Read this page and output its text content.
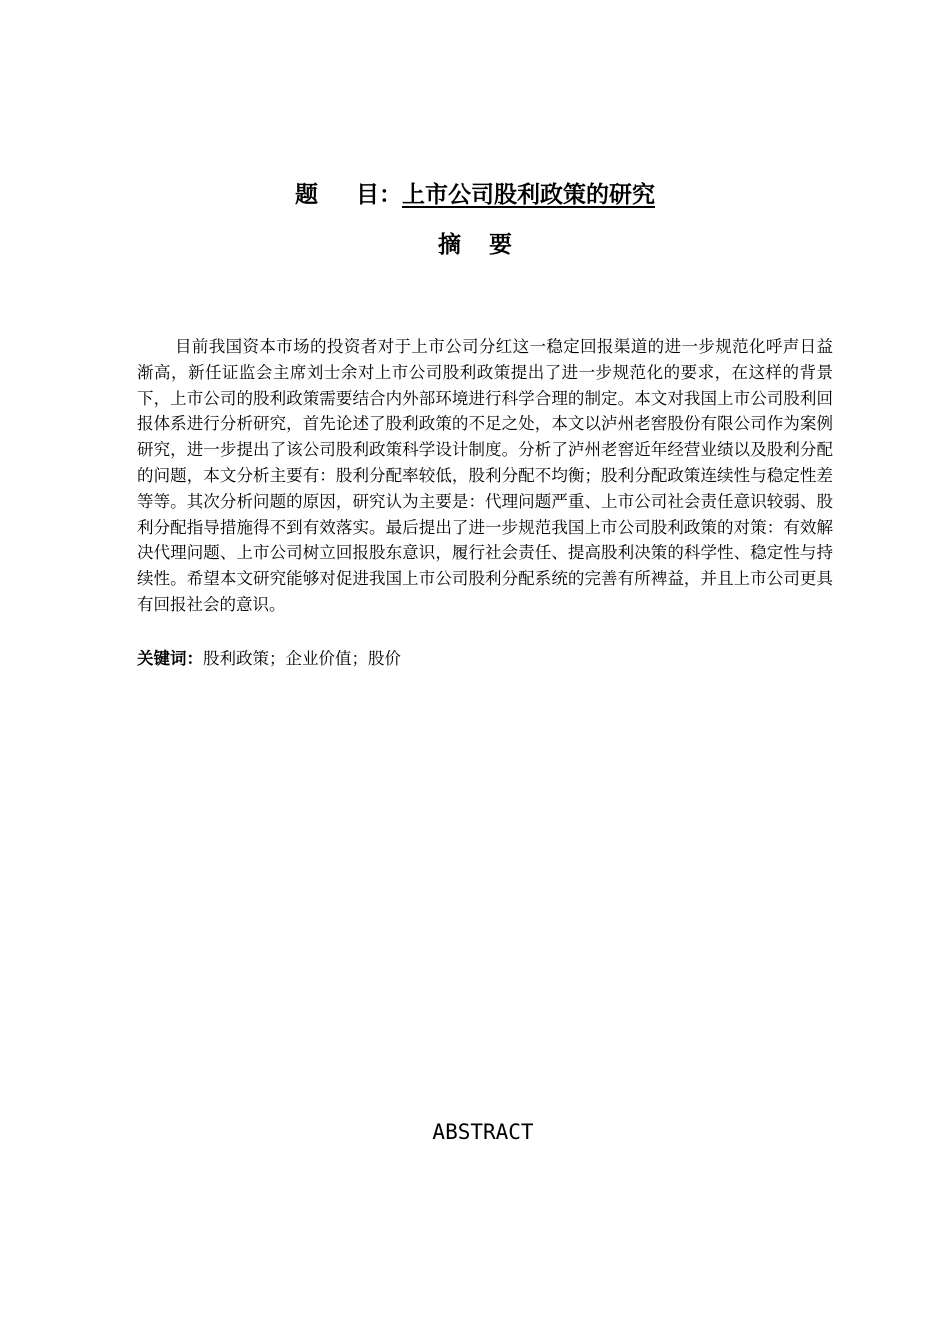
题 目：上市公司股利政策的研究
摘要

目前我国资本市场的投资者对于上市公司分红这一稳定回报渠道的进一步规范化呼声日益渐高，新任证监会主席刘士余对上市公司股利政策提出了进一步规范化的要求，在这样的背景下，上市公司的股利政策需要结合内外部环境进行科学合理的制定。本文对我国上市公司股利回报体系进行分析研究，首先论述了股利政策的不足之处，本文以泸州老窖股份有限公司作为案例研究，进一步提出了该公司股利政策科学设计制度。分析了泸州老窖近年经营业绩以及股利分配的问题，本文分析主要有：股利分配率较低，股利分配不均衡；股利分配政策连续性与稳定性差等等。其次分析问题的原因，研究认为主要是：代理问题严重、上市公司社会责任意识较弱、股利分配指导措施得不到有效落实。最后提出了进一步规范我国上市公司股利政策的对策：有效解决代理问题、上市公司树立回报股东意识，履行社会责任、提高股利决策的科学性、稳定性与持续性。希望本文研究能够对促进我国上市公司股利分配系统的完善有所裨益，并且上市公司更具有回报社会的意识。

关键词：股利政策；企业价值；股价

ABSTRACT
